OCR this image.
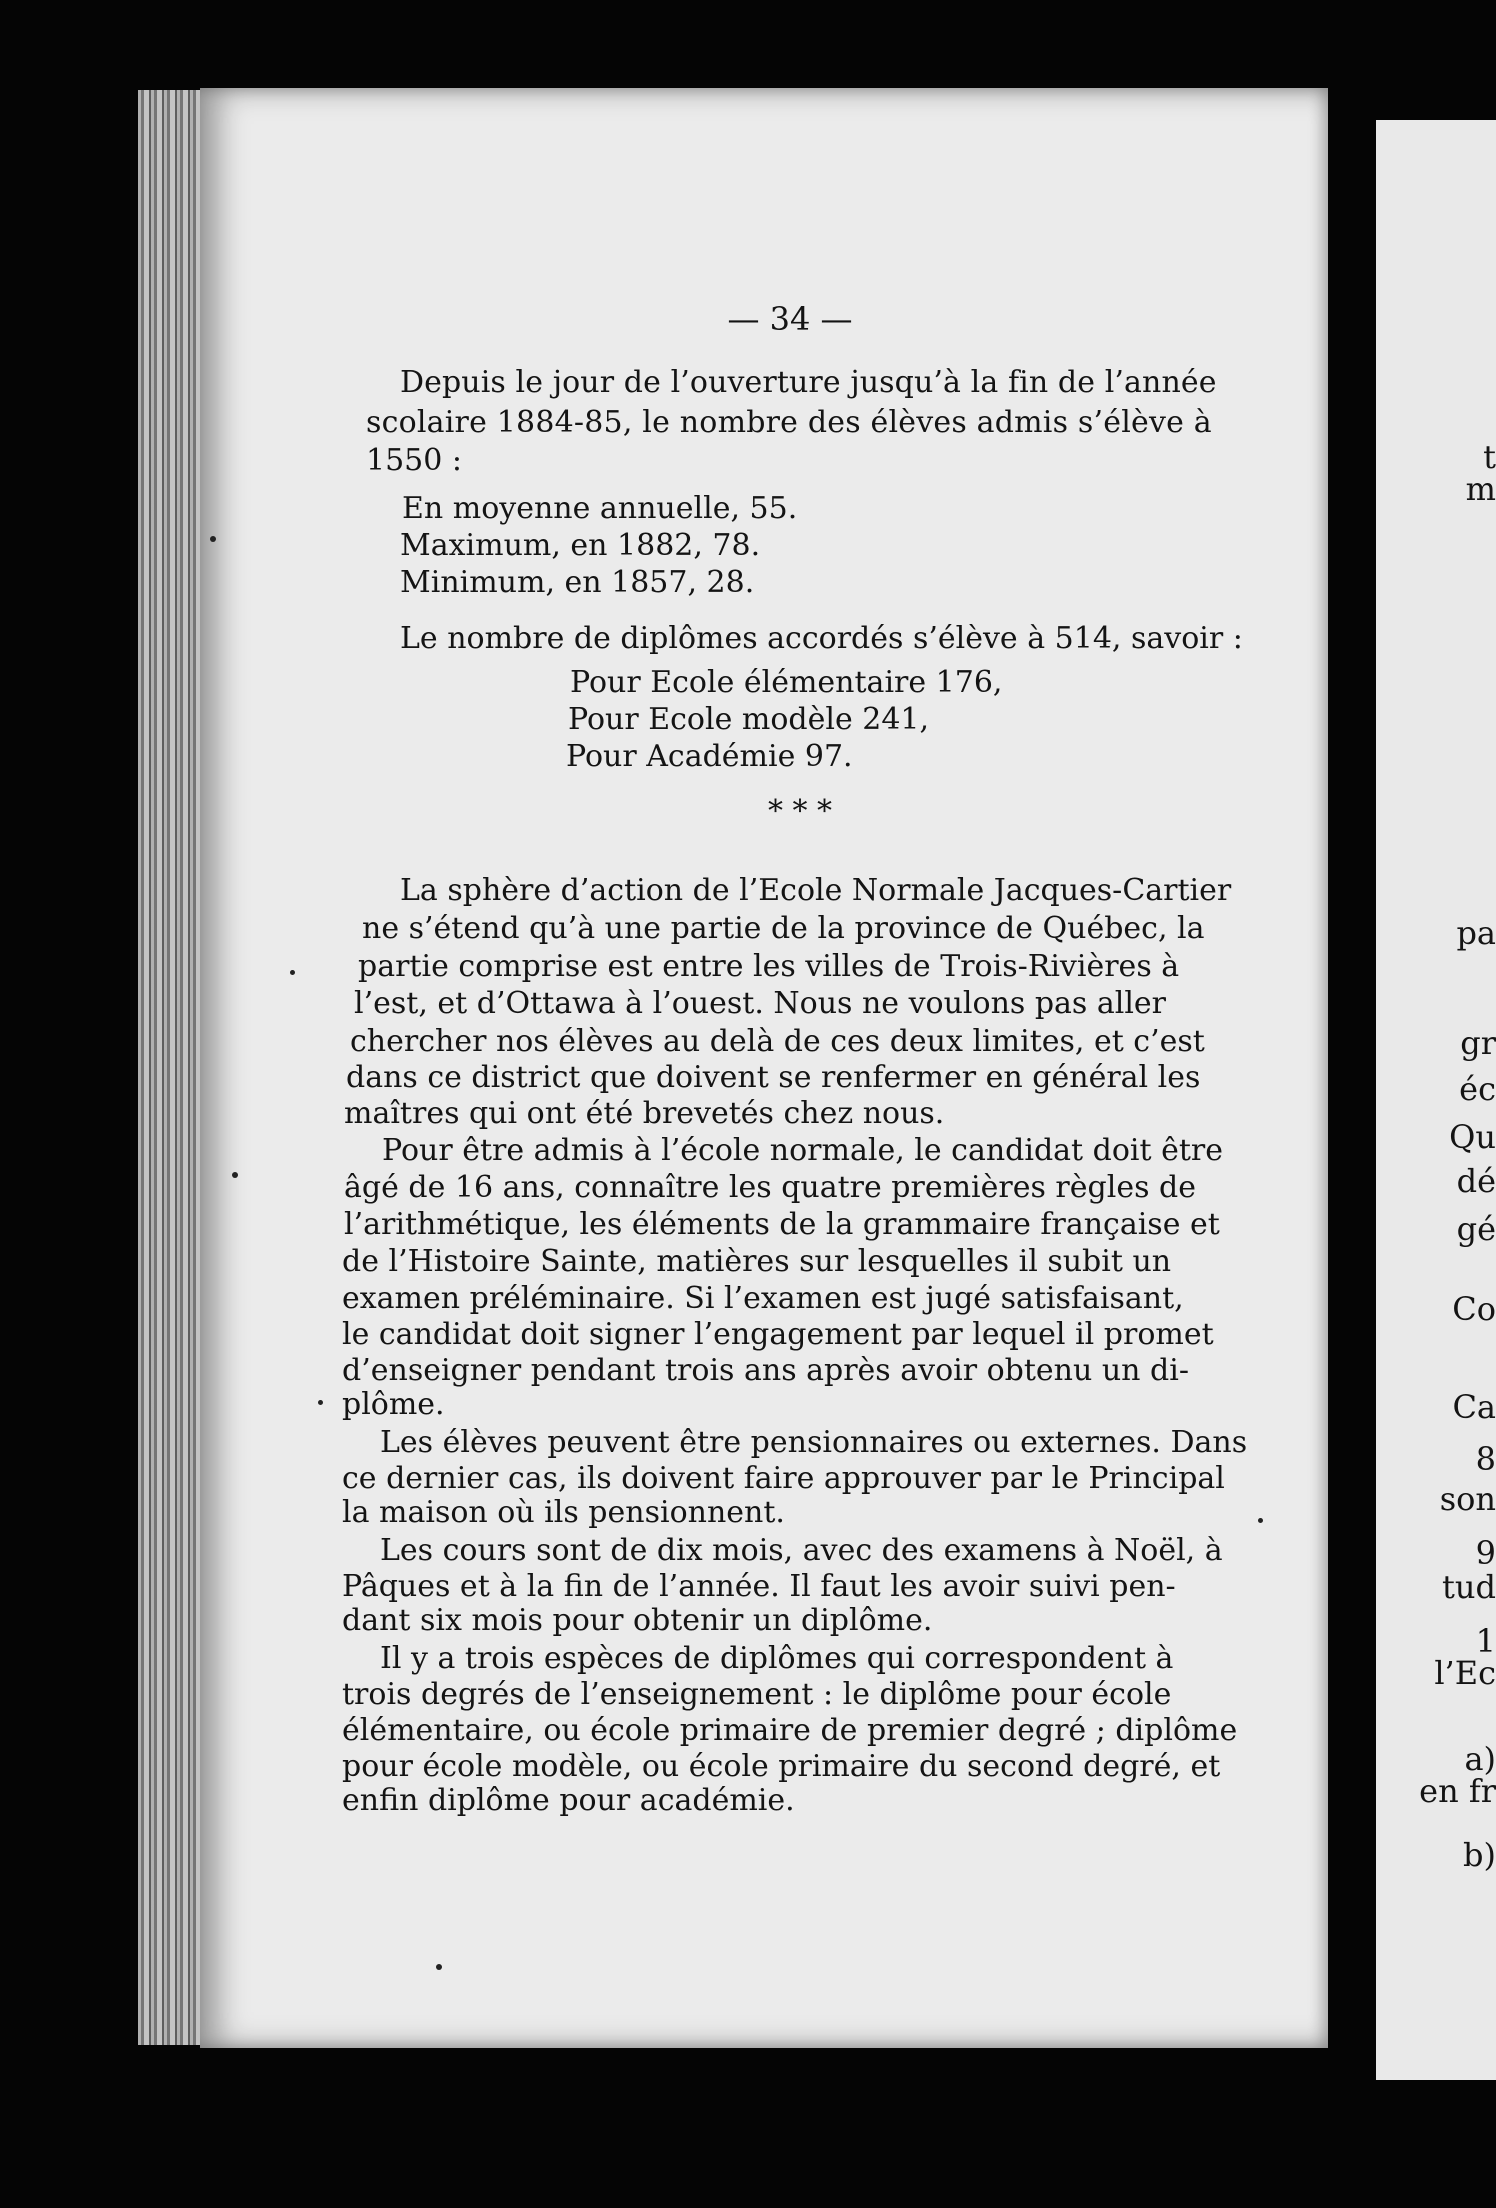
t
m
pa
gr
éc
Qu
dé
gé
Co
Ca
8
son
9
tud
1
l’Ec
a)
en fr
b)
— 34 —
Depuis le jour de l’ouverture jusqu’à la fin de l’année
scolaire 1884-85, le nombre des élèves admis s’élève à
1550 :
En moyenne annuelle, 55.
Maximum, en 1882, 78.
Minimum, en 1857, 28.
Le nombre de diplômes accordés s’élève à 514, savoir :
Pour Ecole élémentaire 176,
Pour Ecole modèle 241,
Pour Académie 97.
La sphère d’action de l’Ecole Normale Jacques-Cartier
ne s’étend qu’à une partie de la province de Québec, la
partie comprise est entre les villes de Trois-Rivières à
l’est, et d’Ottawa à l’ouest. Nous ne voulons pas aller
chercher nos élèves au delà de ces deux limites, et c’est
dans ce district que doivent se renfermer en général les
maîtres qui ont été brevetés chez nous.
Pour être admis à l’école normale, le candidat doit être
âgé de 16 ans, connaître les quatre premières règles de
l’arithmétique, les éléments de la grammaire française et
de l’Histoire Sainte, matières sur lesquelles il subit un
examen préléminaire. Si l’examen est jugé satisfaisant,
le candidat doit signer l’engagement par lequel il promet
d’enseigner pendant trois ans après avoir obtenu un di-
plôme.
Les élèves peuvent être pensionnaires ou externes. Dans
ce dernier cas, ils doivent faire approuver par le Principal
la maison où ils pensionnent.
Les cours sont de dix mois, avec des examens à Noël, à
Pâques et à la fin de l’année. Il faut les avoir suivi pen-
dant six mois pour obtenir un diplôme.
Il y a trois espèces de diplômes qui correspondent à
trois degrés de l’enseignement : le diplôme pour école
élémentaire, ou école primaire de premier degré ; diplôme
pour école modèle, ou école primaire du second degré, et
enfin diplôme pour académie.
* * *
